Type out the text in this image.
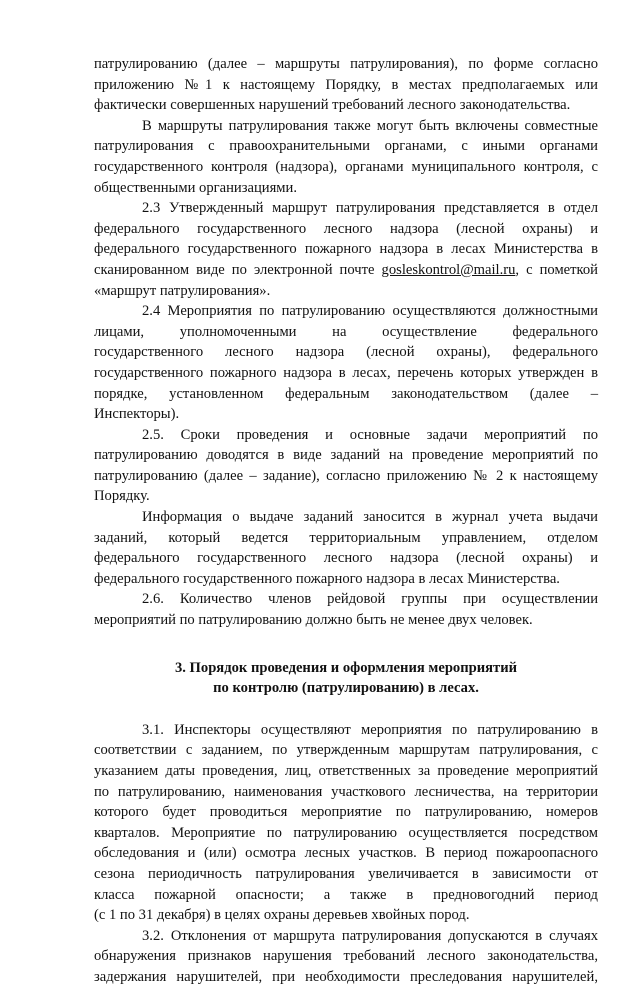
патрулированию (далее – маршруты патрулирования), по форме согласно
приложению №1 к настоящему Порядку, в местах предполагаемых или
фактически совершенных нарушений требований лесного законодательства.
В маршруты патрулирования также могут быть включены совместные
патрулирования с правоохранительными органами, с иными органами
государственного контроля (надзора), органами муниципального контроля, с
общественными организациями.
2.3 Утвержденный маршрут патрулирования представляется в отдел
федерального государственного лесного надзора (лесной охраны) и
федерального государственного пожарного надзора в лесах Министерства в
сканированном виде по электронной почте gosleskontrol@mail.ru, с пометкой
«маршрут патрулирования».
2.4 Мероприятия по патрулированию осуществляются должностными
лицами, уполномоченными на осуществление федерального
государственного лесного надзора (лесной охраны), федерального
государственного пожарного надзора в лесах, перечень которых утвержден в
порядке, установленном федеральным законодательством (далее –
Инспекторы).
2.5. Сроки проведения и основные задачи мероприятий по
патрулированию доводятся в виде заданий на проведение мероприятий по
патрулированию (далее – задание), согласно приложению № 2 к настоящему
Порядку.
Информация о выдаче заданий заносится в журнал учета выдачи
заданий, который ведется территориальным управлением, отделом
федерального государственного лесного надзора (лесной охраны) и
федерального государственного пожарного надзора в лесах Министерства.
2.6. Количество членов рейдовой группы при осуществлении
мероприятий по патрулированию должно быть не менее двух человек.
3. Порядок проведения и оформления мероприятий
по контролю (патрулированию) в лесах.
3.1. Инспекторы осуществляют мероприятия по патрулированию в
соответствии с заданием, по утвержденным маршрутам патрулирования, с
указанием даты проведения, лиц, ответственных за проведение мероприятий
по патрулированию, наименования участкового лесничества, на территории
которого будет проводиться мероприятие по патрулированию, номеров
кварталов. Мероприятие по патрулированию осуществляется посредством
обследования и (или) осмотра лесных участков. В период пожароопасного
сезона периодичность патрулирования увеличивается в зависимости от
класса пожарной опасности; а также в предновогодний период
(с 1 по 31 декабря) в целях охраны деревьев хвойных пород.
3.2. Отклонения от маршрута патрулирования допускаются в случаях
обнаружения признаков нарушения требований лесного законодательства,
задержания нарушителей, при необходимости преследования нарушителей,
